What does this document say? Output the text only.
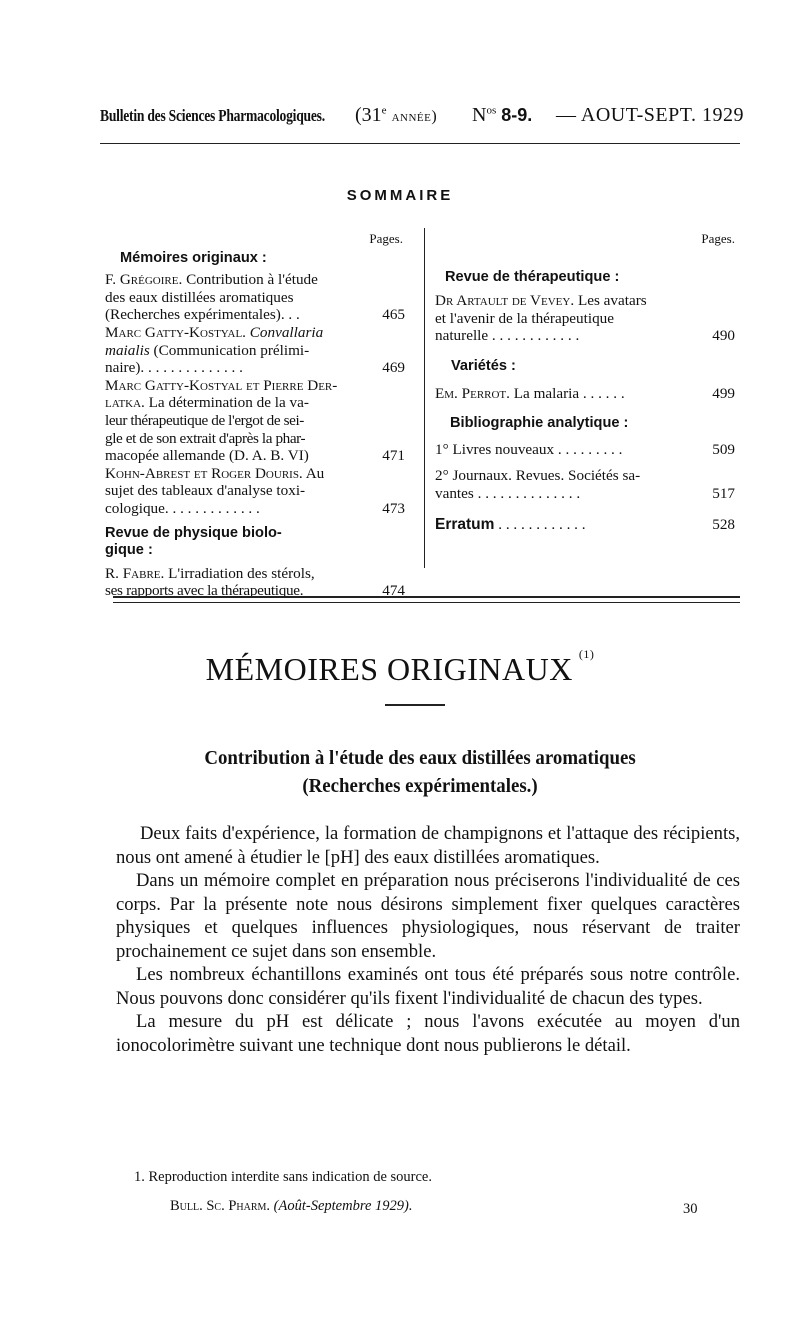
Bulletin des Sciences Pharmacologiques. (31e année) $N^{os}$ 8-9. — AOUT-SEPT. 1929
SOMMAIRE
Pages.
Mémoires originaux :
F. Grégoire. Contribution à l'étude
des eaux distillées aromatiques
(Recherches expérimentales). . .	465
Marc Gatty-Kostyal. Convallaria
maialis (Communication prélimi-
naire). . . . . . . . . . . . . .	469
Marc Gatty-Kostyal et Pierre Der-
latka. La détermination de la va-
leur thérapeutique de l'ergot de sei-
gle et de son extrait d'après la phar-
macopée allemande (D. A. B. VI)	471
Kohn-Abrest et Roger Douris. Au
sujet des tableaux d'analyse toxi-
cologique. . . . . . . . . . . . .	473
Revue de physique biolo-
gique :
R. Fabre. L'irradiation des stérols,
ses rapports avec la thérapeutique.	474
Pages.
Revue de thérapeutique :
Dr Artault de Vevey. Les avatars
et l'avenir de la thérapeutique
naturelle . . . . . . . . . . . .	490
Variétés :
Em. Perrot. La malaria . . . . . .	499
Bibliographie analytique :
1° Livres nouveaux . . . . . . . . .	509
2° Journaux. Revues. Sociétés sa-
vantes . . . . . . . . . . . . . .	517
Erratum . . . . . . . . . . . .	528
MÉMOIRES ORIGINAUX $^{(1)}$
Contribution à l'étude des eaux distillées aromatiques
(Recherches expérimentales.)

Deux faits d'expérience, la formation de champignons et l'attaque des récipients, nous ont amené à étudier le [pH] des eaux distillées aromatiques.

Dans un mémoire complet en préparation nous préciserons l'individualité de ces corps. Par la présente note nous désirons simplement fixer quelques caractères physiques et quelques influences physiologiques, nous réservant de traiter prochainement ce sujet dans son ensemble.

Les nombreux échantillons examinés ont tous été préparés sous notre contrôle. Nous pouvons donc considérer qu'ils fixent l'individualité de chacun des types.

La mesure du pH est délicate ; nous l'avons exécutée au moyen d'un ionocolorimètre suivant une technique dont nous publierons le détail.

1. Reproduction interdite sans indication de source.
Bull. Sc. Pharm. (Août-Septembre 1929).	30
